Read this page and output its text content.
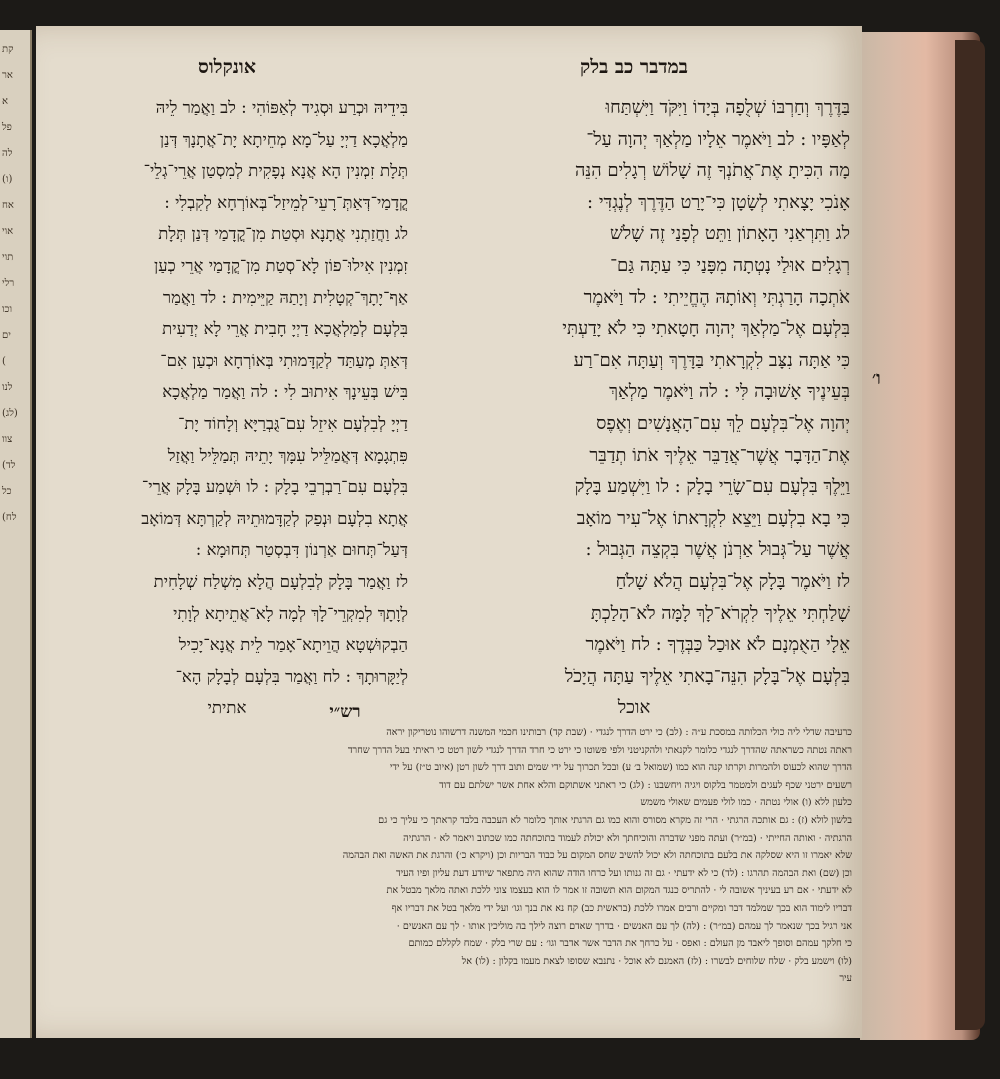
קת
אר
א
פל
לה
(ו)
אח
אוי
תוי
רלי
וכו
ים
(
לנו
(לג)
צוו
(לד
כל
(לח
במדבר כב בלק
בַּדֶּרֶךְ וְחַרְבּוֹ שְׁלֻפָה בְּיָדוֹ וַיִּקֹּד וַיִּשְׁתַּחוּ
לְאַפָּיו : לב וַיֹּאמֶר אֵלָיו מַלְאַךְ יְהוָה עַל־
מָה הִכִּיתָ אֶת־אֲתֹנְךָ זֶה שָׁלוֹשׁ רְגָלִים הִנֵּה
אָנֹכִי יָצָאתִי לְשָׂטָן כִּי־יָרַט הַדֶּרֶךְ לְנֶגְדִּי :
לג וַתִּרְאַנִי הָאָתוֹן וַתֵּט לְפָנַי זֶה שָׁלֹשׁ
רְגָלִים אוּלַי נָטְתָה מִפָּנַי כִּי עַתָּה גַּם־
אֹתְכָה הָרַגְתִּי וְאוֹתָהּ הֶחֱיֵיתִי : לד וַיֹּאמֶר
בִּלְעָם אֶל־מַלְאַךְ יְהוָה חָטָאתִי כִּי לֹא יָדַעְתִּי
כִּי אַתָּה נִצָּב לִקְרָאתִי בַּדָּרֶךְ וְעַתָּה אִם־רַע
בְּעֵינֶיךָ אָשׁוּבָה לִּי : לה וַיֹּאמֶר מַלְאַךְ
יְהוָה אֶל־בִּלְעָם לֵךְ עִם־הָאֲנָשִׁים וְאֶפֶס
אֶת־הַדָּבָר אֲשֶׁר־אֲדַבֵּר אֵלֶיךָ אֹתוֹ תְדַבֵּר
וַיֵּלֶךְ בִּלְעָם עִם־שָׂרֵי בָלָק : לו וַיִּשְׁמַע בָּלָק
כִּי בָא בִלְעָם וַיֵּצֵא לִקְרָאתוֹ אֶל־עִיר מוֹאָב
אֲשֶׁר עַל־גְּבוּל אַרְנֹן אֲשֶׁר בִּקְצֵה הַגְּבוּל :
לז וַיֹּאמֶר בָּלָק אֶל־בִּלְעָם הֲלֹא שָׁלֹחַ
שָׁלַחְתִּי אֵלֶיךָ לִקְרֹא־לָךְ לָמָּה לֹא־הָלַכְתָּ
אֵלָי הַאֻמְנָם לֹא אוּכַל כַּבְּדֶךָ : לח וַיֹּאמֶר
בִּלְעָם אֶל־בָּלָק הִנֵּה־בָאתִי אֵלֶיךָ עַתָּה הֲיָכֹל
אוכל
אונקלוס
בִּידֵיהּ וּכְרַע וּסְגִיד לְאַפּוֹהִי : לב וַאֲמַר לֵיהּ
מַלְאֲכָא דַיְיָ עַל־מָא מְחֵיתָא יָת־אֲתָנָךְ דְּנַן
תְּלָת זִמְנִין הָא אֲנָא נְפָקִית לְמִסְטַן אֲרֵי־גְלֵי־
קֳדָמַי־דְּאַתְּ־רָעֵי־לְמֵיזַל־בְּאוֹרְחָא לְקִבְלִי :
לג וַחֲזַתְנִי אֲתָנָא וּסְטַת מִן־קֳדָמַי דְּנַן תְּלָת
זִמְנִין אִילוּ־פוֹן לָא־סְטַת מִן־קֳדָמַי אֲרֵי כְעַן
אַף־יָתָךְ־קְטָלִית וְיָתַהּ קַיֵּימִית : לד וַאֲמַר
בִּלְעָם לְמַלְאֲכָא דַיְיָ חָבִית אֲרֵי לָא יְדַעִית
דְּאַתְּ מְעַתַּד לְקַדָּמוּתִי בְּאוֹרְחָא וּכְעַן אִם־
בִּישׁ בְּעֵינָךְ אִיתוּב לִי : לה וַאֲמַר מַלְאֲכָא
דַיְיָ לְבִלְעָם אִיזֵל עִם־גֻּבְרַיָּא וְלָחוֹד יָת־
פִּתְגָמָא דְּאֲמַלֵּיל עִמָּךְ יָתֵיהּ תְּמַלֵּיל וַאֲזַל
בִּלְעָם עִם־רַבְרְבֵי בָלָק : לו וּשְׁמַע בָּלָק אֲרֵי־
אֲתָא בִלְעָם וּנְפַק לְקַדָּמוּתֵיהּ לְקַרְתָּא דְּמוֹאָב
דְּעַל־תְּחוּם אַרְנוֹן דִּבְסְטַר תְּחוּמָא :
לז וַאֲמַר בָּלָק לְבִלְעָם הֲלָא מִשְׁלַח שְׁלָחִית
לְוָתָךְ לְמִקְרֵי־לָךְ לְמָה לָא־אֲתֵיתָא לְוָתִי
הַבְקוּשְׁטָא הֲוֵיתָא־אָמַר לֵית אֲנָא־יָכִיל
לְיַקָּרוּתָךְ : לח וַאֲמַר בִּלְעָם לְבָלָק הָא־
אתיתי
ו׳
רש״י
כרעיבה שדלי ליה כולי הכלותה במסכת ע״ה : (לב) כי ירט הדרך לנגדי · (שבת קד) רבותינו חכמי המשנה דרשוהו נוטריקון יראה
ראתה נטתה כשראתה שהדרך לנגדי כלומר לקנאתי ולהקניטני ולפי פשוטו כי ירט כי חרד הדרך לנגדי לשון רטט כי ראיתי בעל הדרך שחרד
הדרך שהוא לכעוס ולהמרות וקרתו קנה הוא כמו (שמואל ב׳ ע) ובכל תכרוך על ידי שמים ותוב דרך לשון רטן (איוב ט״ז) על ידי
רשעים ירטני שכף לעגים ולמטמר בלקוס ויגיה ויחשבנו : (לג) כי ראתני אשתוקם והלא אחת אשר ישלתם עם דוד
כלעון ללא (ו) אולי נטתה · כמו לולי פעמים שאולי משמש
בלשון לולא (ז) : גם אותכה הרגתי · הרי זה מקרא מסורס והוא כמו גם הרגתי אותך כלומר לא העכבה בלבד קראתך כי עליך כי גם
הרגתיה · ואותה החייתי · (במ״ר) ועתה מפני שדברה והוכיחתך ולא יכולת לעמוד בתוכחתה כמו שכתוב ויאמר לא · הרגתיה
שלא יאמרו זו היא שסלקה את בלעם בתוכחתה ולא יכול להשיב שחס המקום על כבוד הבריות וכן (ויקרא כ׳) והרגת את האשה ואת הבהמה
וכן (שם) ואת הבהמה תהרגו : (לד) כי לא ידעתי · גם זה גנותו ועל כרחו הודה שהוא היה מתפאר שיודע דעת עליון ופיו העיד
לא ידעתי · אם רע בעיניך אשובה לי · להתריס כנגד המקום הוא תשובה זו אמר לו הוא בעצמו צוני ללכת ואתה מלאך מבטל את
דבריו לימוד הוא בכך שמלמד דבר ומקיים ורבים אמרו ללכת (בראשית כב) קח נא את בנך וגו׳ ועל ידי מלאך בטל את דבריו אף
אני רגיל בכך שנאמר לך עמהם (במ״ר) : (לה) לך עם האנשים · בדרך שאדם רוצה לילך בה מוליכין אותו · לך עם האנשים ·
כי חלקך עמהם וסופך ליאבד מן העולם : ואפס · על כרחך את הדבר אשר אדבר וגו׳ : עם שרי בלק · שמח לקללם כמותם
(לו) וישמע בלק · שלח שלוחים לבשרו : (לז) האמנם לא אוכל · נתנבא שסופו לצאת מעמו בקלון : (לו) אל
עיר
